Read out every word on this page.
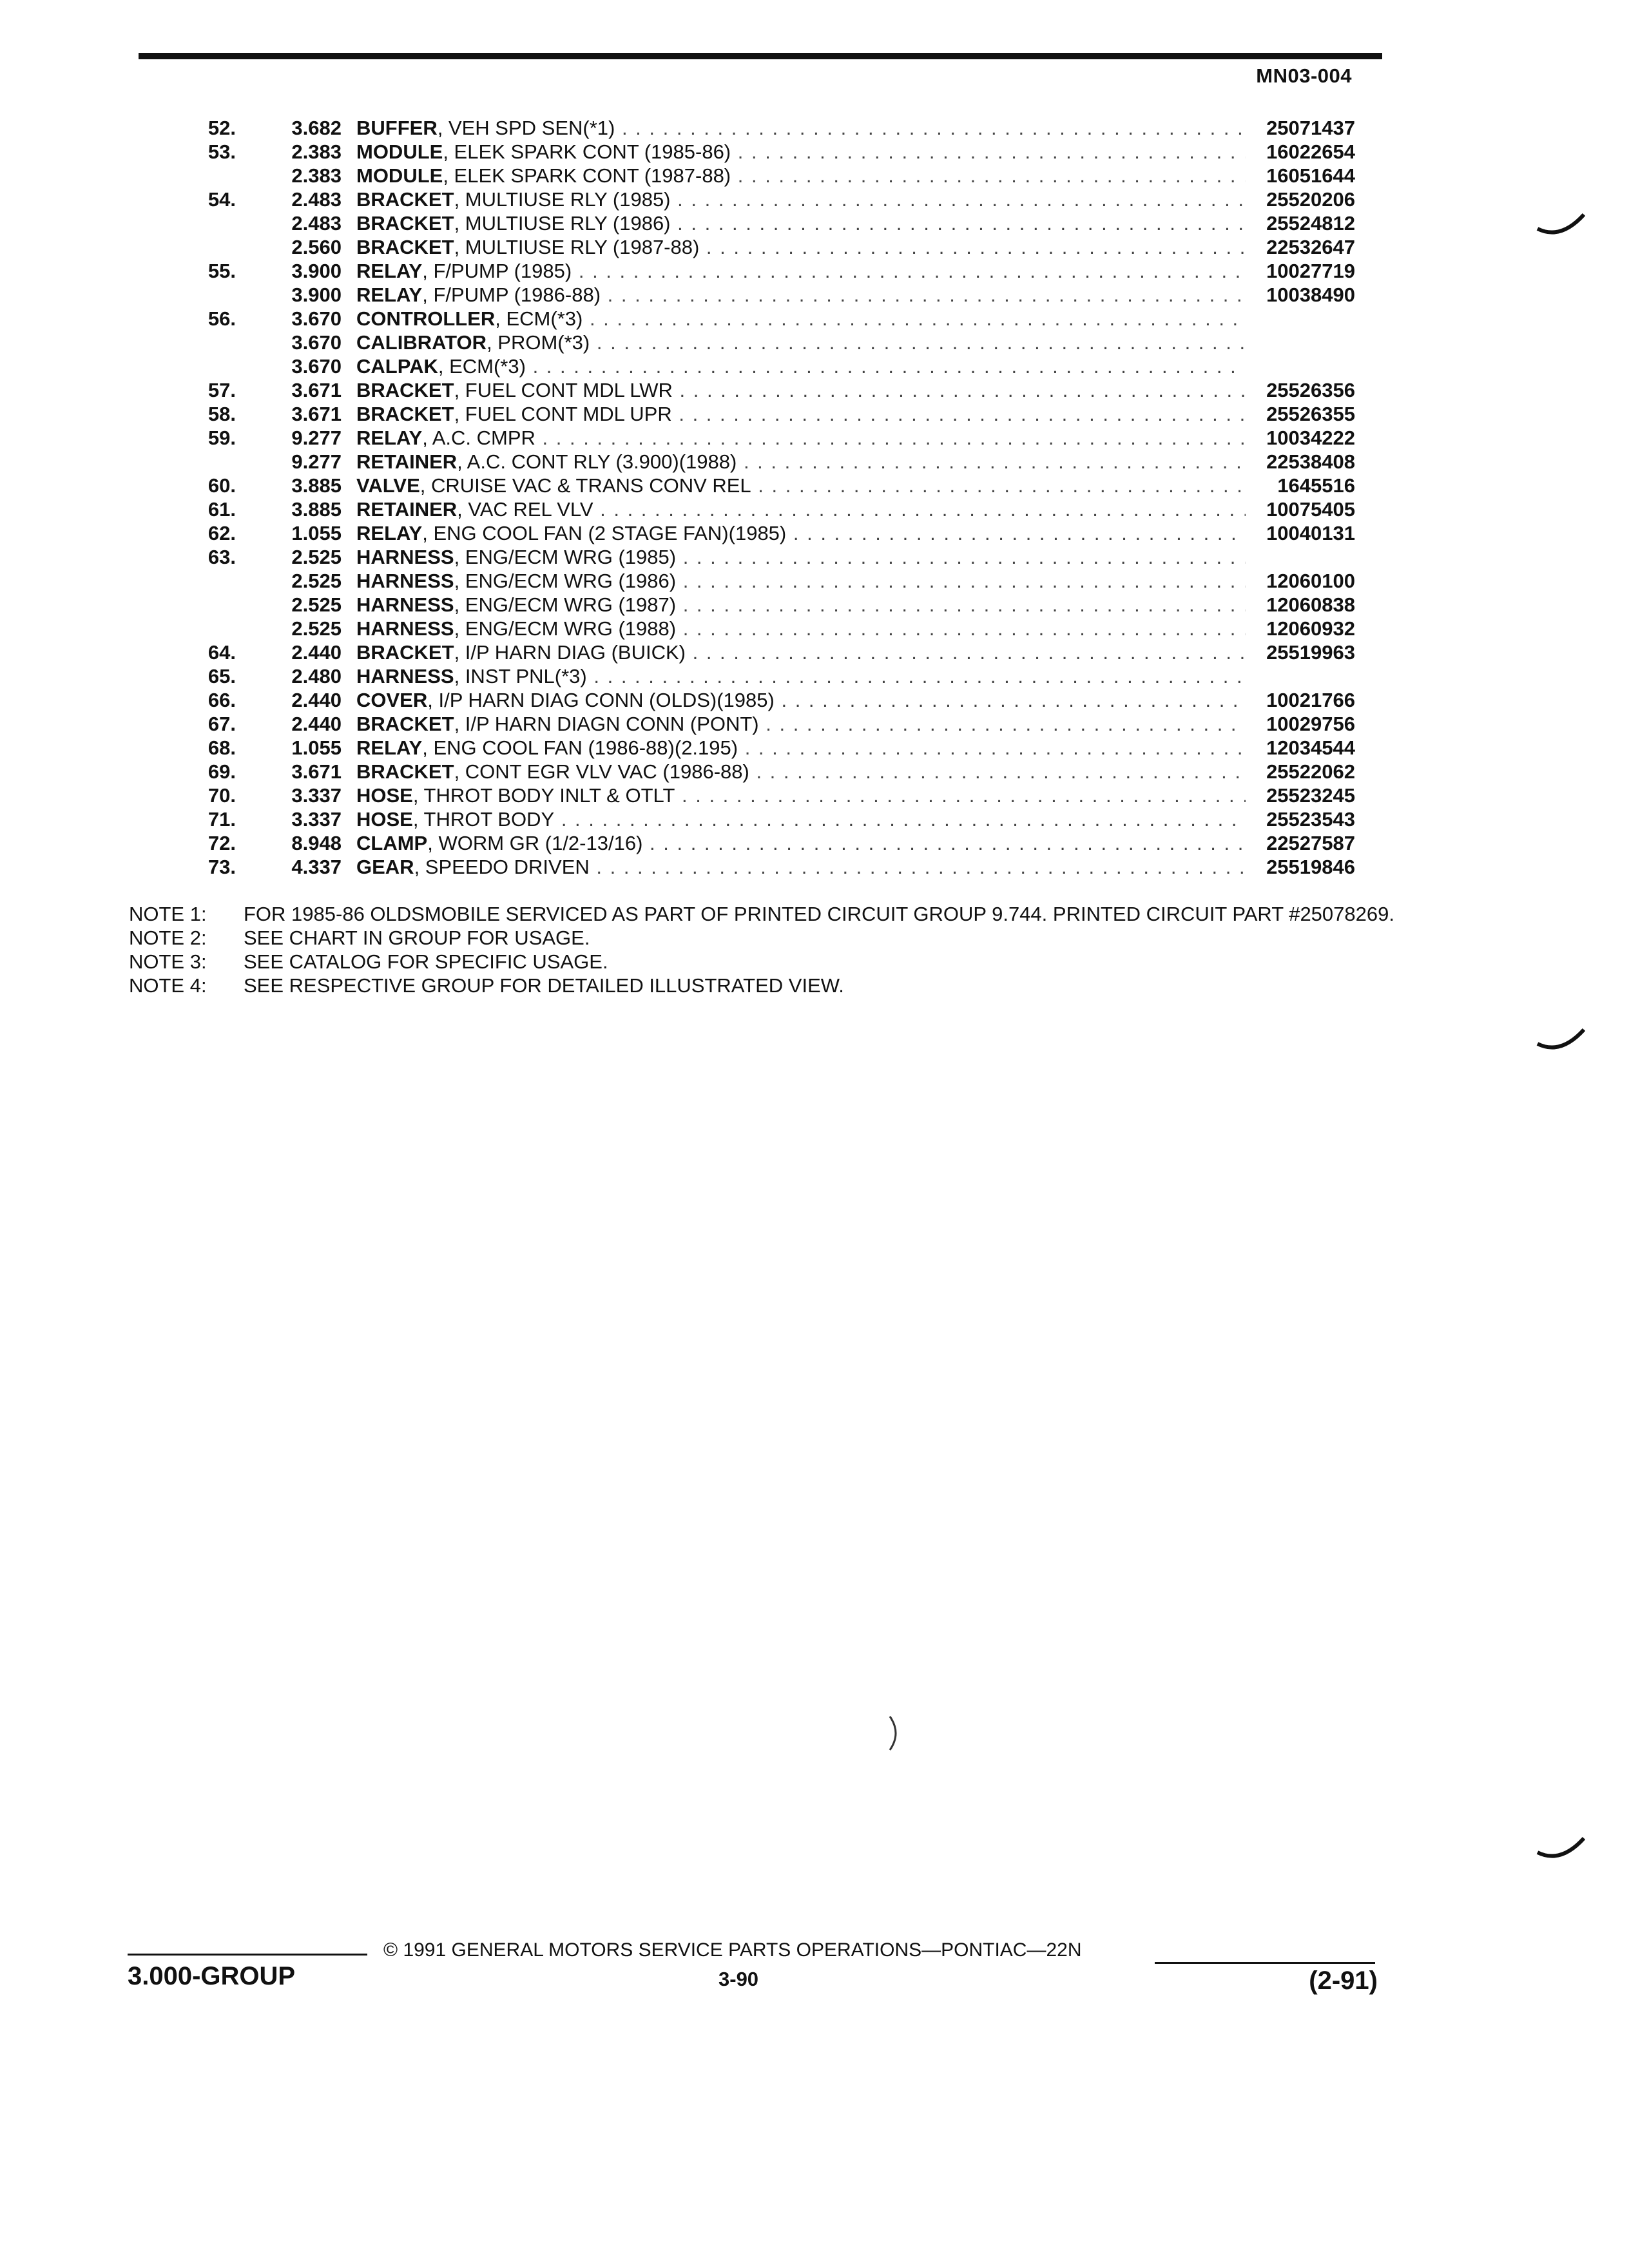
MN03-004
52.	3.682 BUFFER, VEH SPD SEN(*1) . . .	25071437
53.	2.383 MODULE, ELEK SPARK CONT (1985-86) . . .	16022654
2.383 MODULE, ELEK SPARK CONT (1987-88) . . .	16051644
54.	2.483 BRACKET, MULTIUSE RLY (1985) . . .	25520206
2.483 BRACKET, MULTIUSE RLY (1986) . . .	25524812
2.560 BRACKET, MULTIUSE RLY (1987-88) . . .	22532647
55.	3.900 RELAY, F/PUMP (1985) . . .	10027719
3.900 RELAY, F/PUMP (1986-88) . . .	10038490
56.	3.670 CONTROLLER, ECM(*3) . . .
3.670 CALIBRATOR, PROM(*3) . . .
3.670 CALPAK, ECM(*3) . . .
57.	3.671 BRACKET, FUEL CONT MDL LWR . . .	25526356
58.	3.671 BRACKET, FUEL CONT MDL UPR . . .	25526355
59.	9.277 RELAY, A.C. CMPR . . .	10034222
9.277 RETAINER, A.C. CONT RLY (3.900)(1988) . . .	22538408
60.	3.885 VALVE, CRUISE VAC & TRANS CONV REL . . .	1645516
61.	3.885 RETAINER, VAC REL VLV . . .	10075405
62.	1.055 RELAY, ENG COOL FAN (2 STAGE FAN)(1985) . . .	10040131
63.	2.525 HARNESS, ENG/ECM WRG (1985) . . .
2.525 HARNESS, ENG/ECM WRG (1986) . . .	12060100
2.525 HARNESS, ENG/ECM WRG (1987) . . .	12060838
2.525 HARNESS, ENG/ECM WRG (1988) . . .	12060932
64.	2.440 BRACKET, I/P HARN DIAG (BUICK) . . .	25519963
65.	2.480 HARNESS, INST PNL(*3) . . .
66.	2.440 COVER, I/P HARN DIAG CONN (OLDS)(1985) . . .	10021766
67.	2.440 BRACKET, I/P HARN DIAGN CONN (PONT) . . .	10029756
68.	1.055 RELAY, ENG COOL FAN (1986-88)(2.195) . . .	12034544
69.	3.671 BRACKET, CONT EGR VLV VAC (1986-88) . . .	25522062
70.	3.337 HOSE, THROT BODY INLT & OTLT . . .	25523245
71.	3.337 HOSE, THROT BODY . . .	25523543
72.	8.948 CLAMP, WORM GR (1/2-13/16) . . .	22527587
73.	4.337 GEAR, SPEEDO DRIVEN . . .	25519846
NOTE 1: FOR 1985-86 OLDSMOBILE SERVICED AS PART OF PRINTED CIRCUIT GROUP 9.744. PRINTED CIRCUIT PART #25078269.
NOTE 2: SEE CHART IN GROUP FOR USAGE.
NOTE 3: SEE CATALOG FOR SPECIFIC USAGE.
NOTE 4: SEE RESPECTIVE GROUP FOR DETAILED ILLUSTRATED VIEW.
© 1991 GENERAL MOTORS SERVICE PARTS OPERATIONS—PONTIAC—22N
3.000-GROUP	3-90	(2-91)
